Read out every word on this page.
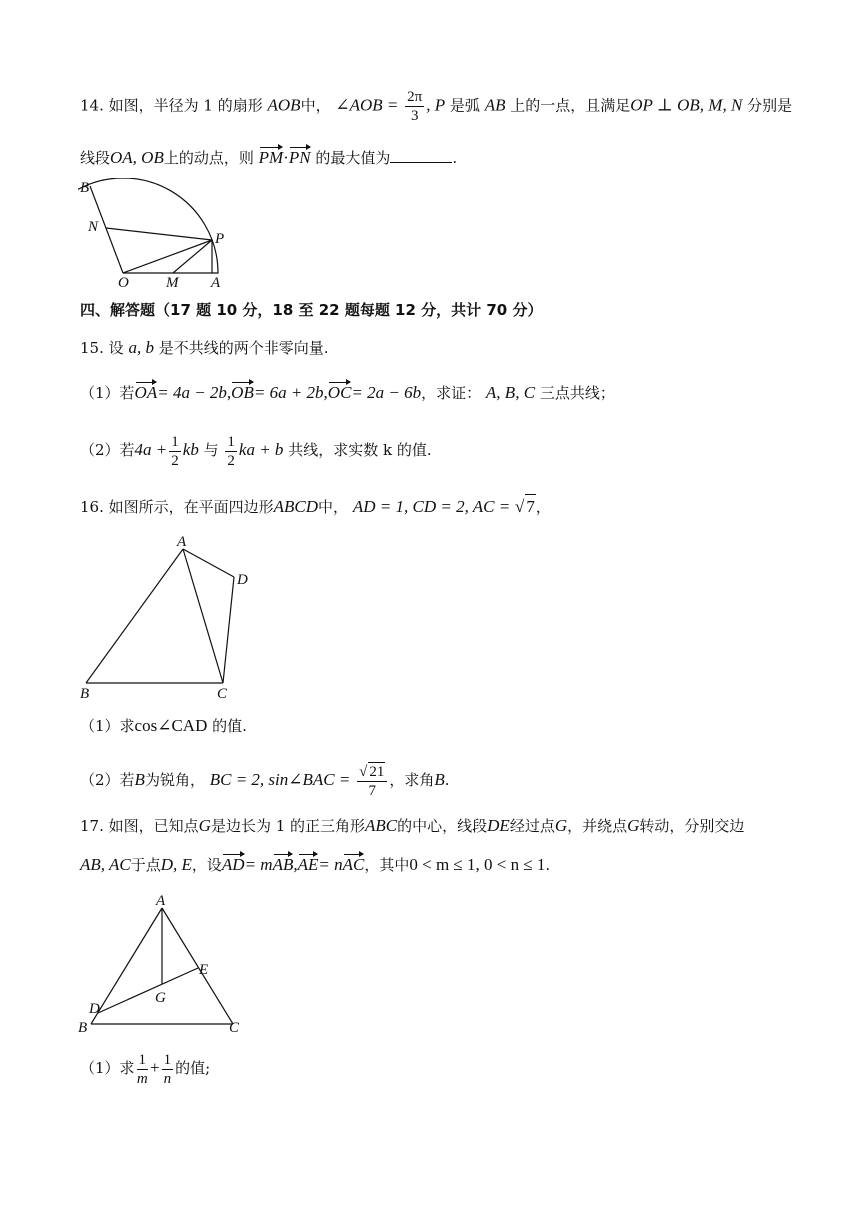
14. 如图，半径为 1 的扇形 AOB中， ∠AOB = $\frac{2\pi}{3}$ , P 是弧 AB 上的一点，且满足OP ⊥ OB, M, N 分别是
线段OA, OB上的动点，则 PM·PN 的最大值为	.
B
N
P
O M A
四、解答题（17 题 10 分，18 至 22 题每题 12 分，共计 70 分）
15. 设 a, b 是不共线的两个非零向量.
（1）若OA= 4a − 2b,OB= 6a + 2b,OC= 2a − 6b，求证： A, B, C 三点共线；
（2）若$4a + \frac{1}{2}$ kb 与 $\frac{1}{2}$ ka + b 共线，求实数 k 的值.
16. 如图所示，在平面四边形ABCD中， AD = 1, CD = 2, AC = √ 7，
A
D
B	C
（1）求cos∠CAD 的值.
（2）若B为锐角， BC = 2, sin∠BAC = $\frac{√ 21}{7}$ ，求角B.
17. 如图，已知点G是边长为 1 的正三角形ABC的中心，线段DE经过点G，并绕点G转动，分别交边
AB, AC于点D, E，设AD= mAB,AE= nAC，其中0 < m ≤ 1, 0 < n ≤ 1.
A
E
D
G
B	C
（1）求 $\frac{1}{m} + \frac{1}{n}$ 的值;
